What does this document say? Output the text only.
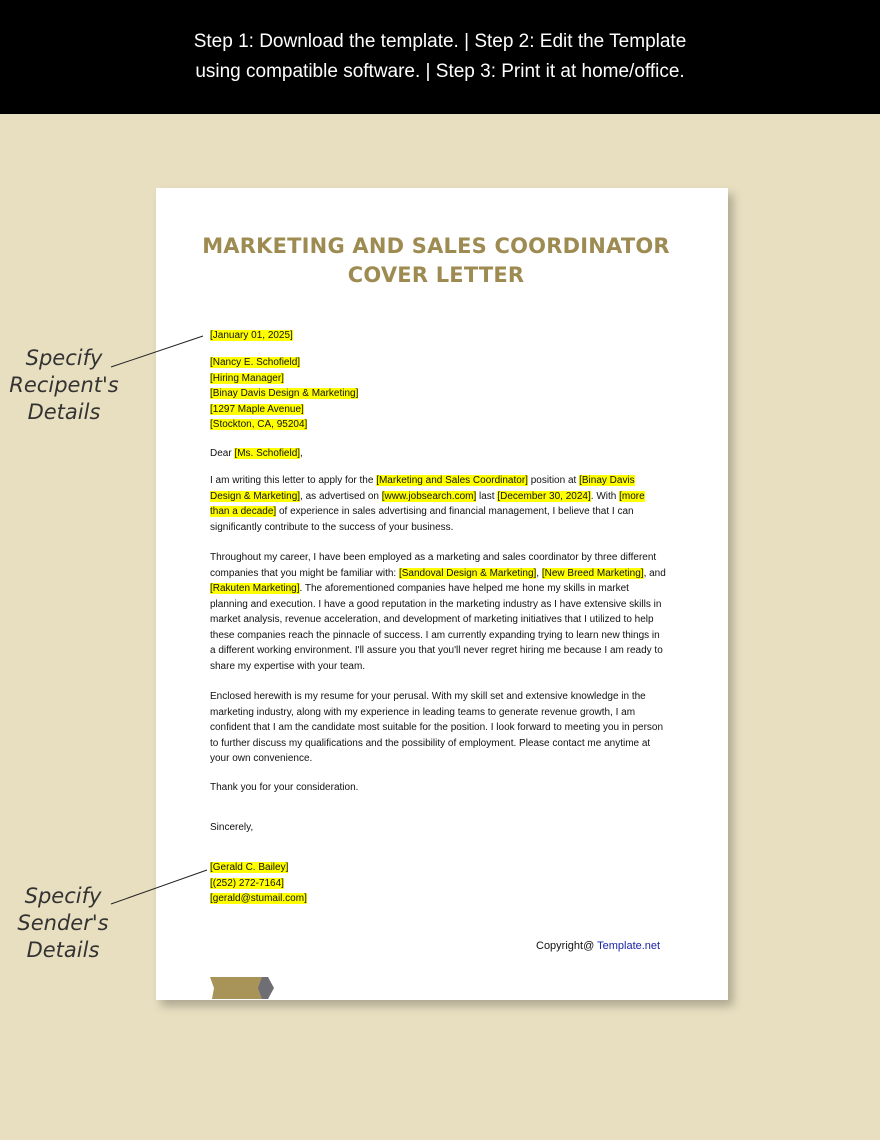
Step 1: Download the template. | Step 2: Edit the Template
using compatible software. | Step 3: Print it at home/office.
MARKETING AND SALES COORDINATOR
COVER LETTER
[January 01, 2025]
[Nancy E. Schofield]
[Hiring Manager]
[Binay Davis Design & Marketing]
[1297 Maple Avenue]
[Stockton, CA, 95204]
Dear [Ms. Schofield],
I am writing this letter to apply for the [Marketing and Sales Coordinator] position at [Binay Davis Design & Marketing], as advertised on [www.jobsearch.com] last [December 30, 2024]. With [more than a decade] of experience in sales advertising and financial management, I believe that I can significantly contribute to the success of your business.
Throughout my career, I have been employed as a marketing and sales coordinator by three different companies that you might be familiar with: [Sandoval Design & Marketing], [New Breed Marketing], and [Rakuten Marketing]. The aforementioned companies have helped me hone my skills in market planning and execution. I have a good reputation in the marketing industry as I have extensive skills in market analysis, revenue acceleration, and development of marketing initiatives that I utilized to help these companies reach the pinnacle of success. I am currently expanding trying to learn new things in a different working environment. I'll assure you that you'll never regret hiring me because I am ready to share my expertise with your team.
Enclosed herewith is my resume for your perusal. With my skill set and extensive knowledge in the marketing industry, along with my experience in leading teams to generate revenue growth, I am confident that I am the candidate most suitable for the position. I look forward to meeting you in person to further discuss my qualifications and the possibility of employment. Please contact me anytime at your own convenience.
Thank you for your consideration.
Sincerely,
[Gerald C. Bailey]
[(252) 272-7164]
[gerald@stumail.com]
Copyright@ Template.net
Specify
Recipent's
Details
Specify
Sender's
Details
